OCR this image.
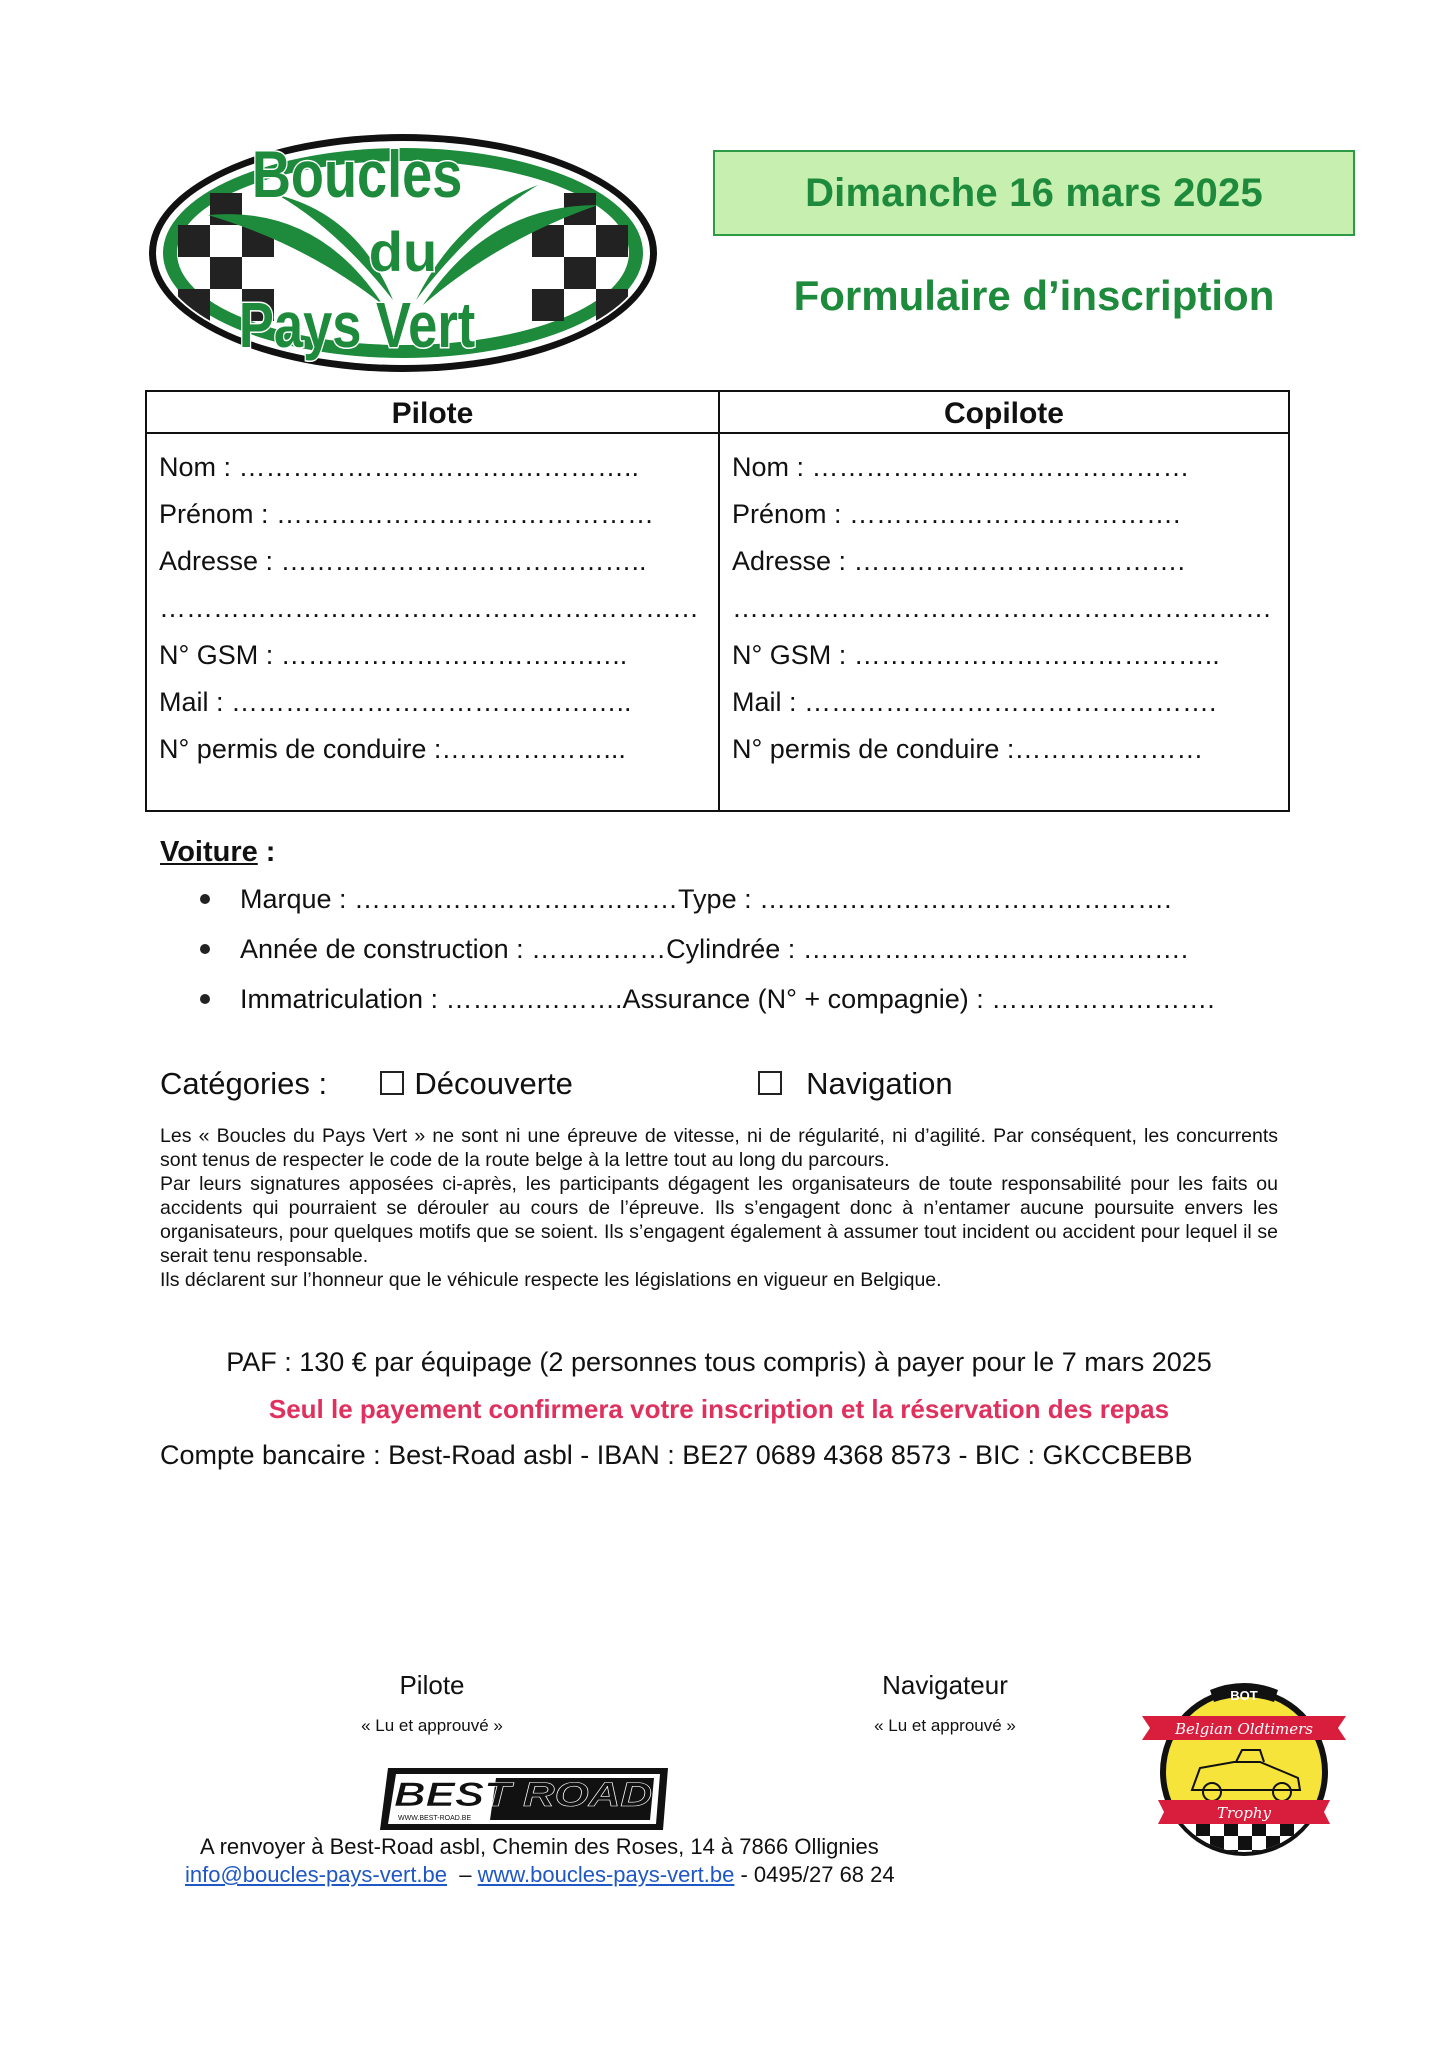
Boucles
du
Pays Vert
Dimanche 16 mars 2025
Formulaire d’inscription
Pilote
Nom : ………………………….…………..
Prénom : ……………………………………
Adresse : …………………………………..
……………………………………………………
N° GSM : …………………………….…..
Mail : ……………………………….……..
N° permis de conduire :………………...
Copilote
Nom : ……………………………………
Prénom : ……………………………….
Adresse : ……………………………….
……………………………………………………
N° GSM : …………………………………..
Mail : ……………………………………….
N° permis de conduire :…………………
Voiture :
Marque : ………………………………Type : ……………………………………….
Année de construction : ……………Cylindrée : …………………………………….
Immatriculation : ……….……….Assurance (N° + compagnie) : …………………….
Catégories :	Découverte	Navigation

Les « Boucles du Pays Vert » ne sont ni une épreuve de vitesse, ni de régularité, ni d’agilité. Par conséquent, les concurrents sont tenus de respecter le code de la route belge à la lettre tout au long du parcours.

Par leurs signatures apposées ci-après, les participants dégagent les organisateurs de toute responsabilité pour les faits ou accidents qui pourraient se dérouler au cours de l’épreuve. Ils s’engagent donc à n’entamer aucune poursuite envers les organisateurs, pour quelques motifs que se soient. Ils s’engagent également à assumer tout incident ou accident pour lequel il se serait tenu responsable.

Ils déclarent sur l’honneur que le véhicule respecte les législations en vigueur en Belgique.

PAF : 130 € par équipage (2 personnes tous compris) à payer pour le 7 mars 2025
Seul le payement confirmera votre inscription et la réservation des repas
Compte bancaire : Best-Road asbl - IBAN : BE27 0689 4368 8573 - BIC : GKCCBEBB
Pilote
« Lu et approuvé »
Navigateur
« Lu et approuvé »
BEST ROAD
WWW.BEST-ROAD.BE
BOT
Belgian Oldtimers
Trophy
A renvoyer à Best-Road asbl, Chemin des Roses, 14 à 7866 Ollignies
info@boucles-pays-vert.be  – www.boucles-pays-vert.be - 0495/27 68 24
